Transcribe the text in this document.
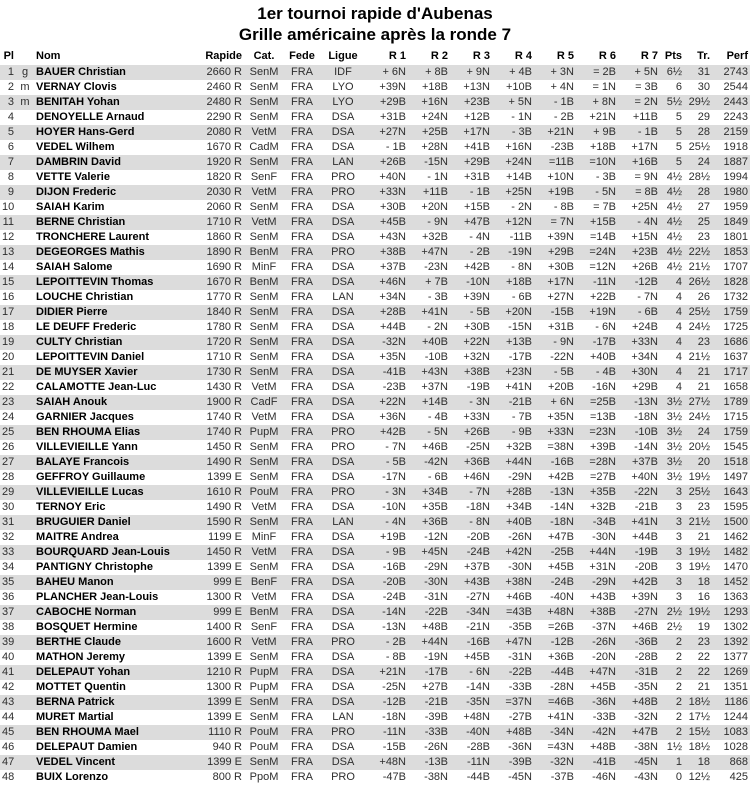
1er tournoi rapide d'Aubenas
Grille américaine après la ronde 7
Pl		Nom	Rapide	Cat.	Fede	Ligue	R 1	R 2	R 3	R 4	R 5	R 6	R 7	Pts	Tr.	Perf
1	g	BAUER Christian	2660 R	SenM	FRA	IDF	+ 6N	+ 8B	+ 9N	+ 4B	+ 3N	= 2B	+ 5N	6½	31	2743
2	m	VERNAY Clovis	2460 R	SenM	FRA	LYO	+39N	+18B	+13N	+10B	+ 4N	= 1N	= 3B	6	30	2544
3	m	BENITAH Yohan	2480 R	SenM	FRA	LYO	+29B	+16N	+23B	+ 5N	- 1B	+ 8N	= 2N	5½	29½	2443
4		DENOYELLE Arnaud	2290 R	SenM	FRA	DSA	+31B	+24N	+12B	- 1N	- 2B	+21N	+11B	5	29	2243
5		HOYER Hans-Gerd	2080 R	VetM	FRA	DSA	+27N	+25B	+17N	- 3B	+21N	+ 9B	- 1B	5	28	2159
6		VEDEL Wilhem	1670 R	CadM	FRA	DSA	- 1B	+28N	+41B	+16N	-23B	+18B	+17N	5	25½	1918
7		DAMBRIN David	1920 R	SenM	FRA	LAN	+26B	-15N	+29B	+24N	=11B	=10N	+16B	5	24	1887
8		VETTE Valerie	1820 R	SenF	FRA	PRO	+40N	- 1N	+31B	+14B	+10N	- 3B	= 9N	4½	28½	1994
9		DIJON Frederic	2030 R	VetM	FRA	PRO	+33N	+11B	- 1B	+25N	+19B	- 5N	= 8B	4½	28	1980
10		SAIAH Karim	2060 R	SenM	FRA	DSA	+30B	+20N	+15B	- 2N	- 8B	= 7B	+25N	4½	27	1959
11		BERNE Christian	1710 R	VetM	FRA	DSA	+45B	- 9N	+47B	+12N	= 7N	+15B	- 4N	4½	25	1849
12		TRONCHERE Laurent	1860 R	SenM	FRA	DSA	+43N	+32B	- 4N	-11B	+39N	=14B	+15N	4½	23	1801
13		DEGEORGES Mathis	1890 R	BenM	FRA	PRO	+38B	+47N	- 2B	-19N	+29B	=24N	+23B	4½	22½	1853
14		SAIAH Salome	1690 R	MinF	FRA	DSA	+37B	-23N	+42B	- 8N	+30B	=12N	+26B	4½	21½	1707
15		LEPOITTEVIN Thomas	1670 R	BenM	FRA	DSA	+46N	+ 7B	-10N	+18B	+17N	-11N	-12B	4	26½	1828
16		LOUCHE Christian	1770 R	SenM	FRA	LAN	+34N	- 3B	+39N	- 6B	+27N	+22B	- 7N	4	26	1732
17		DIDIER Pierre	1840 R	SenM	FRA	DSA	+28B	+41N	- 5B	+20N	-15B	+19N	- 6B	4	25½	1759
18		LE DEUFF Frederic	1780 R	SenM	FRA	DSA	+44B	- 2N	+30B	-15N	+31B	- 6N	+24B	4	24½	1725
19		CULTY Christian	1720 R	SenM	FRA	DSA	-32N	+40B	+22N	+13B	- 9N	-17B	+33N	4	23	1686
20		LEPOITTEVIN Daniel	1710 R	SenM	FRA	DSA	+35N	-10B	+32N	-17B	-22N	+40B	+34N	4	21½	1637
21		DE MUYSER Xavier	1730 R	SenM	FRA	DSA	-41B	+43N	+38B	+23N	- 5B	- 4B	+30N	4	21	1717
22		CALAMOTTE Jean-Luc	1430 R	VetM	FRA	DSA	-23B	+37N	-19B	+41N	+20B	-16N	+29B	4	21	1658
23		SAIAH Anouk	1900 R	CadF	FRA	DSA	+22N	+14B	- 3N	-21B	+ 6N	=25B	-13N	3½	27½	1789
24		GARNIER Jacques	1740 R	VetM	FRA	DSA	+36N	- 4B	+33N	- 7B	+35N	=13B	-18N	3½	24½	1715
25		BEN RHOUMA Elias	1740 R	PupM	FRA	PRO	+42B	- 5N	+26B	- 9B	+33N	=23N	-10B	3½	24	1759
26		VILLEVIEILLE Yann	1450 R	SenM	FRA	PRO	- 7N	+46B	-25N	+32B	=38N	+39B	-14N	3½	20½	1545
27		BALAYE Francois	1490 R	SenM	FRA	DSA	- 5B	-42N	+36B	+44N	-16B	=28N	+37B	3½	20	1518
28		GEFFROY Guillaume	1399 E	SenM	FRA	DSA	-17N	- 6B	+46N	-29N	+42B	=27B	+40N	3½	19½	1497
29		VILLEVIEILLE Lucas	1610 R	PouM	FRA	PRO	- 3N	+34B	- 7N	+28B	-13N	+35B	-22N	3	25½	1643
30		TERNOY Eric	1490 R	VetM	FRA	DSA	-10N	+35B	-18N	+34B	-14N	+32B	-21B	3	23	1595
31		BRUGUIER Daniel	1590 R	SenM	FRA	LAN	- 4N	+36B	- 8N	+40B	-18N	-34B	+41N	3	21½	1500
32		MAITRE Andrea	1199 E	MinF	FRA	DSA	+19B	-12N	-20B	-26N	+47B	-30N	+44B	3	21	1462
33		BOURQUARD Jean-Louis	1450 R	VetM	FRA	DSA	- 9B	+45N	-24B	+42N	-25B	+44N	-19B	3	19½	1482
34		PANTIGNY Christophe	1399 E	SenM	FRA	DSA	-16B	-29N	+37B	-30N	+45B	+31N	-20B	3	19½	1470
35		BAHEU Manon	999 E	BenF	FRA	DSA	-20B	-30N	+43B	+38N	-24B	-29N	+42B	3	18	1452
36		PLANCHER Jean-Louis	1300 R	VetM	FRA	DSA	-24B	-31N	-27N	+46B	-40N	+43B	+39N	3	16	1363
37		CABOCHE Norman	999 E	BenM	FRA	DSA	-14N	-22B	-34N	=43B	+48N	+38B	-27N	2½	19½	1293
38		BOSQUET Hermine	1400 R	SenF	FRA	DSA	-13N	+48B	-21N	-35B	=26B	-37N	+46B	2½	19	1302
39		BERTHE Claude	1600 R	VetM	FRA	PRO	- 2B	+44N	-16B	+47N	-12B	-26N	-36B	2	23	1392
40		MATHON Jeremy	1399 E	SenM	FRA	DSA	- 8B	-19N	+45B	-31N	+36B	-20N	-28B	2	22	1377
41		DELEPAUT Yohan	1210 R	PupM	FRA	DSA	+21N	-17B	- 6N	-22B	-44B	+47N	-31B	2	22	1269
42		MOTTET Quentin	1300 R	PupM	FRA	DSA	-25N	+27B	-14N	-33B	-28N	+45B	-35N	2	21	1351
43		BERNA Patrick	1399 E	SenM	FRA	DSA	-12B	-21B	-35N	=37N	=46B	-36N	+48B	2	18½	1186
44		MURET Martial	1399 E	SenM	FRA	LAN	-18N	-39B	+48N	-27B	+41N	-33B	-32N	2	17½	1244
45		BEN RHOUMA Mael	1110 R	PouM	FRA	PRO	-11N	-33B	-40N	+48B	-34N	-42N	+47B	2	15½	1083
46		DELEPAUT Damien	940 R	PouM	FRA	DSA	-15B	-26N	-28B	-36N	=43N	+48B	-38N	1½	18½	1028
47		VEDEL Vincent	1399 E	SenM	FRA	DSA	+48N	-13B	-11N	-39B	-32N	-41B	-45N	1	18	868
48		BUIX Lorenzo	800 R	PpoM	FRA	PRO	-47B	-38N	-44B	-45N	-37B	-46N	-43N	0	12½	425
